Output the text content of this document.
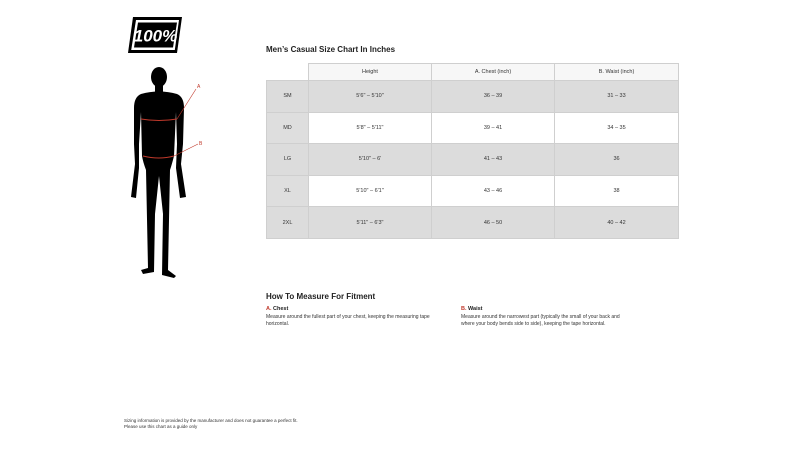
100%
A
B
Men’s Casual Size Chart In Inches
	Height	A. Chest (inch)	B. Waist (inch)
SM	5'6" – 5'10"	36 – 39	31 – 33
MD	5'8" – 5'11"	39 – 41	34 – 35
LG	5'10" – 6'	41 – 43	36
XL	5'10" – 6'1"	43 – 46	38
2XL	5'11" – 6'3"	46 – 50	40 – 42
How To Measure For Fitment
A. Chest
Measure around the fullest part of your chest, keeping the measuring tape horizontal.
B. Waist
Measure around the narrowest part (typically the small of your back and where your body bends side to side), keeping the tape horizontal.
Sizing information is provided by the manufacturer and does not guarantee a perfect fit.
Please use this chart as a guide only
